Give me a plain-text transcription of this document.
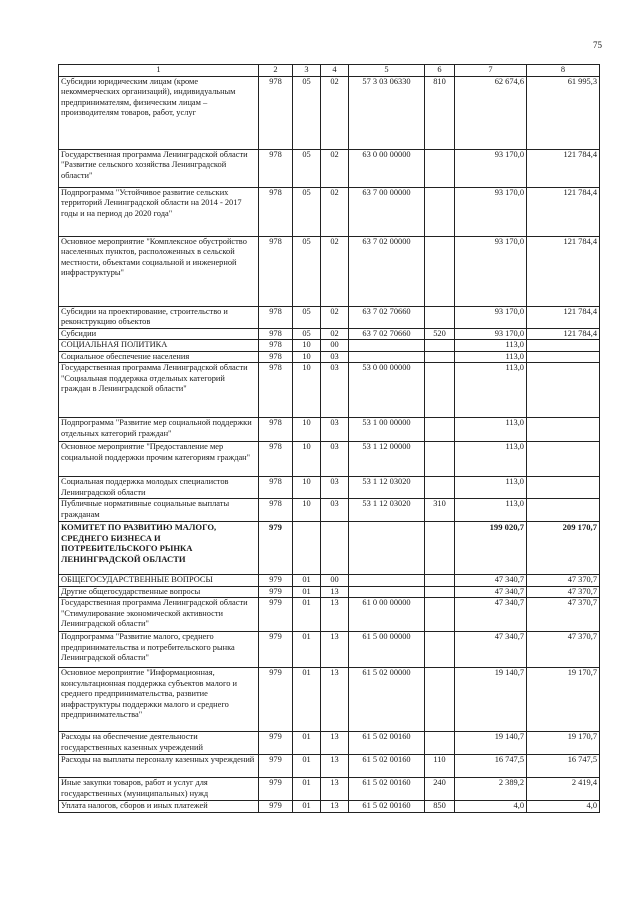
75
1	2	3	4	5	6	7	8
Субсидии юридическим лицам (кроме некоммерческих организаций), индивидуальным предпринимателям, физическим лицам – производителям товаров, работ, услуг	978	05	02	57 3 03 06330	810	62 674,6	61 995,3
Государственная программа Ленинградской области "Развитие сельского хозяйства Ленинградской области"	978	05	02	63 0 00 00000		93 170,0	121 784,4
Подпрограмма "Устойчивое развитие сельских территорий Ленинградской области на 2014 - 2017 годы и на период до 2020 года"	978	05	02	63 7 00 00000		93 170,0	121 784,4
Основное мероприятие "Комплексное обустройство населенных пунктов, расположенных в сельской местности, объектами социальной и инженерной инфраструктуры"	978	05	02	63 7 02 00000		93 170,0	121 784,4
Субсидии на проектирование, строительство и реконструкцию объектов	978	05	02	63 7 02 70660		93 170,0	121 784,4
Субсидии	978	05	02	63 7 02 70660	520	93 170,0	121 784,4
СОЦИАЛЬНАЯ ПОЛИТИКА	978	10	00			113,0	
Социальное обеспечение населения	978	10	03			113,0	
Государственная программа Ленинградской области "Социальная поддержка отдельных категорий граждан в Ленинградской области"	978	10	03	53 0 00 00000		113,0	
Подпрограмма "Развитие мер социальной поддержки отдельных категорий граждан"	978	10	03	53 1 00 00000		113,0	
Основное мероприятие "Предоставление мер социальной поддержки прочим категориям граждан"	978	10	03	53 1 12 00000		113,0	
Социальная поддержка молодых специалистов Ленинградской области	978	10	03	53 1 12 03020		113,0	
Публичные нормативные социальные выплаты гражданам	978	10	03	53 1 12 03020	310	113,0	
КОМИТЕТ ПО РАЗВИТИЮ МАЛОГО, СРЕДНЕГО БИЗНЕСА И ПОТРЕБИТЕЛЬСКОГО РЫНКА ЛЕНИНГРАДСКОЙ ОБЛАСТИ	979					199 020,7	209 170,7
ОБЩЕГОСУДАРСТВЕННЫЕ ВОПРОСЫ	979	01	00			47 340,7	47 370,7
Другие общегосударственные вопросы	979	01	13			47 340,7	47 370,7
Государственная программа Ленинградской области "Стимулирование экономической активности Ленинградской области"	979	01	13	61 0 00 00000		47 340,7	47 370,7
Подпрограмма "Развитие малого, среднего предпринимательства и потребительского рынка Ленинградской области"	979	01	13	61 5 00 00000		47 340,7	47 370,7
Основное мероприятие "Информационная, консультационная поддержка субъектов малого и среднего предпринимательства, развитие инфраструктуры поддержки малого и среднего предпринимательства"	979	01	13	61 5 02 00000		19 140,7	19 170,7
Расходы на обеспечение деятельности государственных казенных учреждений	979	01	13	61 5 02 00160		19 140,7	19 170,7
Расходы на выплаты персоналу казенных учреждений	979	01	13	61 5 02 00160	110	16 747,5	16 747,5
Иные закупки товаров, работ и услуг для государственных (муниципальных) нужд	979	01	13	61 5 02 00160	240	2 389,2	2 419,4
Уплата налогов, сборов и иных платежей	979	01	13	61 5 02 00160	850	4,0	4,0
